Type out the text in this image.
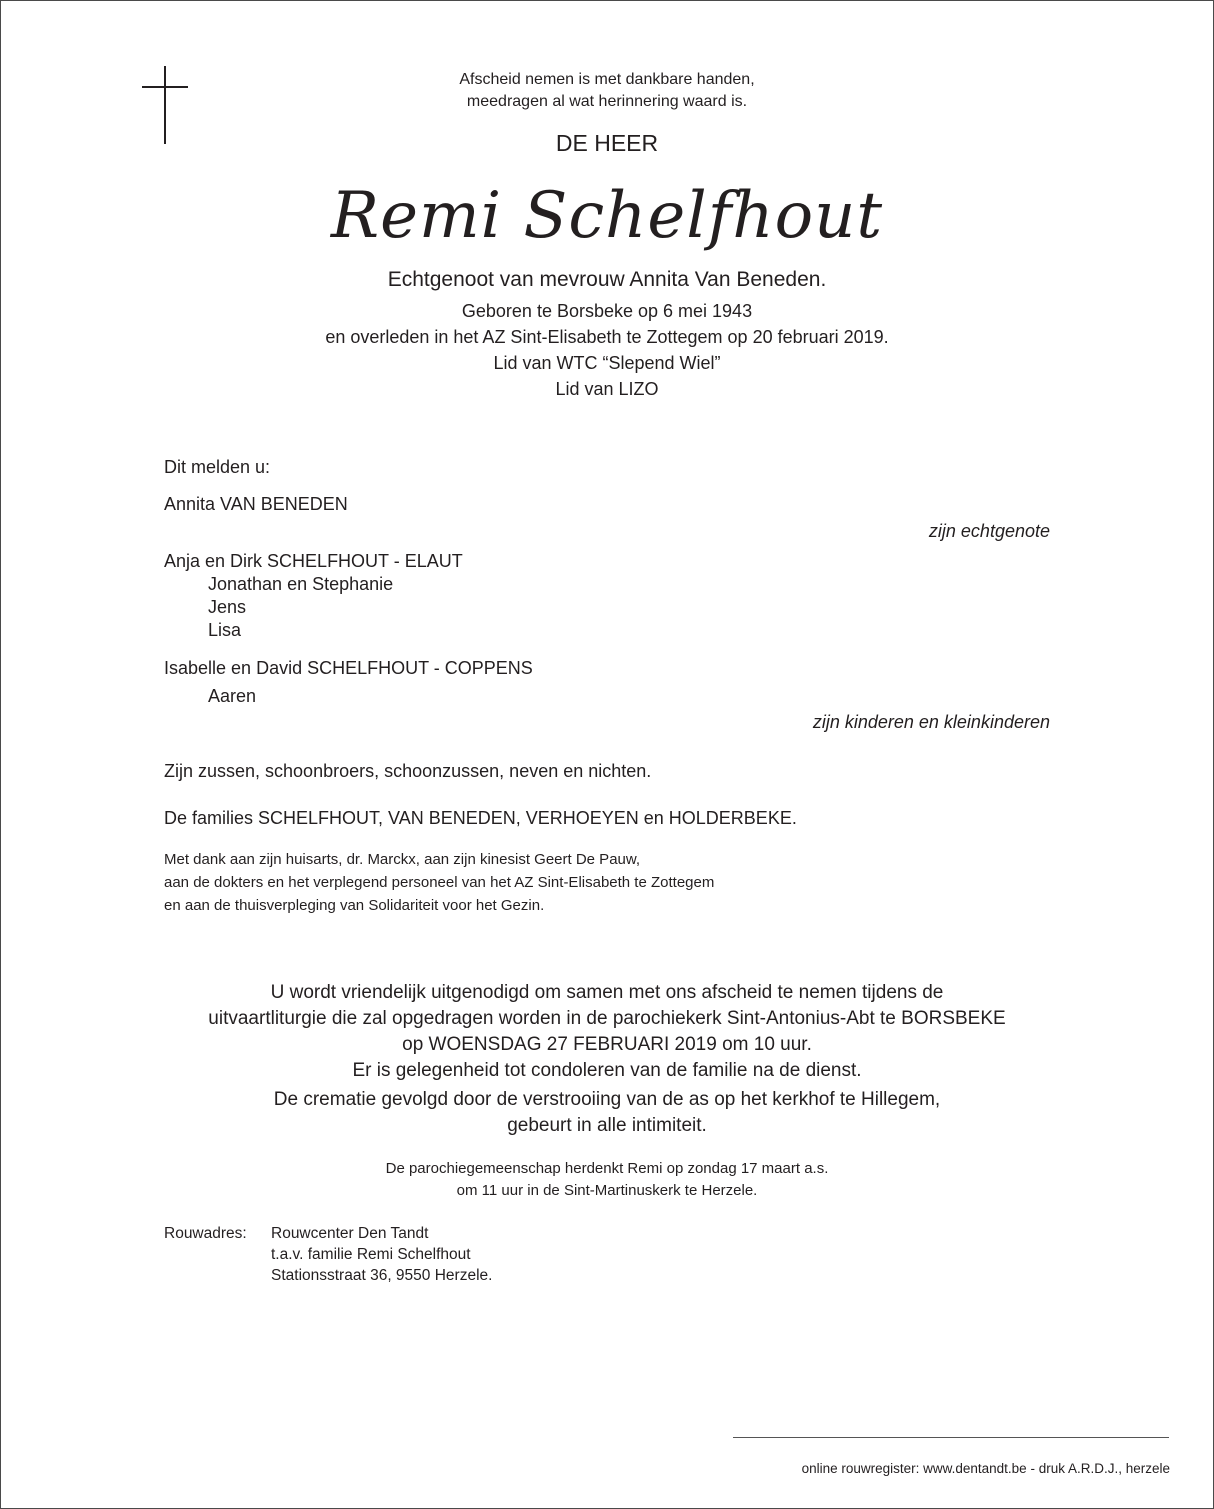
Afscheid nemen is met dankbare handen,
meedragen al wat herinnering waard is.
DE HEER
Remi Schelfhout
Echtgenoot van mevrouw Annita Van Beneden.
Geboren te Borsbeke op 6 mei 1943
en overleden in het AZ Sint-Elisabeth te Zottegem op 20 februari 2019.
Lid van WTC “Slepend Wiel”
Lid van LIZO
Dit melden u:
Annita VAN BENEDEN
zijn echtgenote
Anja en Dirk SCHELFHOUT - ELAUT
Jonathan en Stephanie
Jens
Lisa
Isabelle en David SCHELFHOUT - COPPENS
Aaren
zijn kinderen en kleinkinderen
Zijn zussen, schoonbroers, schoonzussen, neven en nichten.
De families SCHELFHOUT, VAN BENEDEN, VERHOEYEN en HOLDERBEKE.
Met dank aan zijn huisarts, dr. Marckx, aan zijn kinesist Geert De Pauw,
aan de dokters en het verplegend personeel van het AZ Sint-Elisabeth te Zottegem
en aan de thuisverpleging van Solidariteit voor het Gezin.

U wordt vriendelijk uitgenodigd om samen met ons afscheid te nemen tijdens de

uitvaartliturgie die zal opgedragen worden in de parochiekerk Sint-Antonius-Abt te BORSBEKE

op WOENSDAG 27 FEBRUARI 2019 om 10 uur.

Er is gelegenheid tot condoleren van de familie na de dienst.

De crematie gevolgd door de verstrooiing van de as op het kerkhof te Hillegem,

gebeurt in alle intimiteit.

De parochiegemeenschap herdenkt Remi op zondag 17 maart a.s.
om 11 uur in de Sint-Martinuskerk te Herzele.
Rouwadres: Rouwcenter Den Tandt
t.a.v. familie Remi Schelfhout
Stationsstraat 36, 9550 Herzele.
online rouwregister: www.dentandt.be - druk A.R.D.J., herzele
